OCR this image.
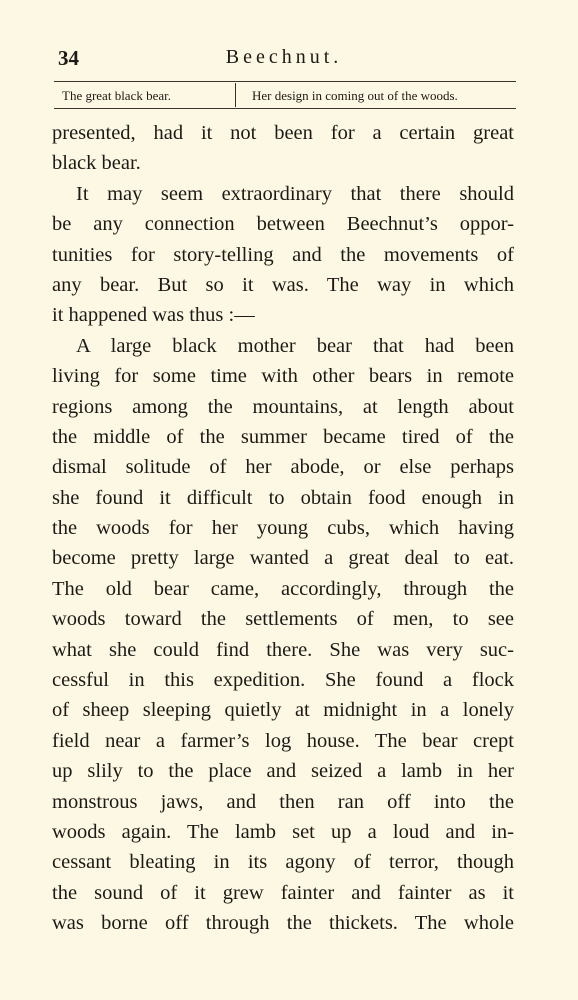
34	Beechnut.
The great black bear.	Her design in coming out of the woods.
presented, had it not been for a certain great
black bear.
It may seem extraordinary that there should
be any connection between Beechnut’s oppor-
tunities for story-telling and the movements of
any bear. But so it was. The way in which
it happened was thus :—
A large black mother bear that had been
living for some time with other bears in remote
regions among the mountains, at length about
the middle of the summer became tired of the
dismal solitude of her abode, or else perhaps
she found it difficult to obtain food enough in
the woods for her young cubs, which having
become pretty large wanted a great deal to eat.
The old bear came, accordingly, through the
woods toward the settlements of men, to see
what she could find there. She was very suc-
cessful in this expedition. She found a flock
of sheep sleeping quietly at midnight in a lonely
field near a farmer’s log house. The bear crept
up slily to the place and seized a lamb in her
monstrous jaws, and then ran off into the
woods again. The lamb set up a loud and in-
cessant bleating in its agony of terror, though
the sound of it grew fainter and fainter as it
was borne off through the thickets. The whole
